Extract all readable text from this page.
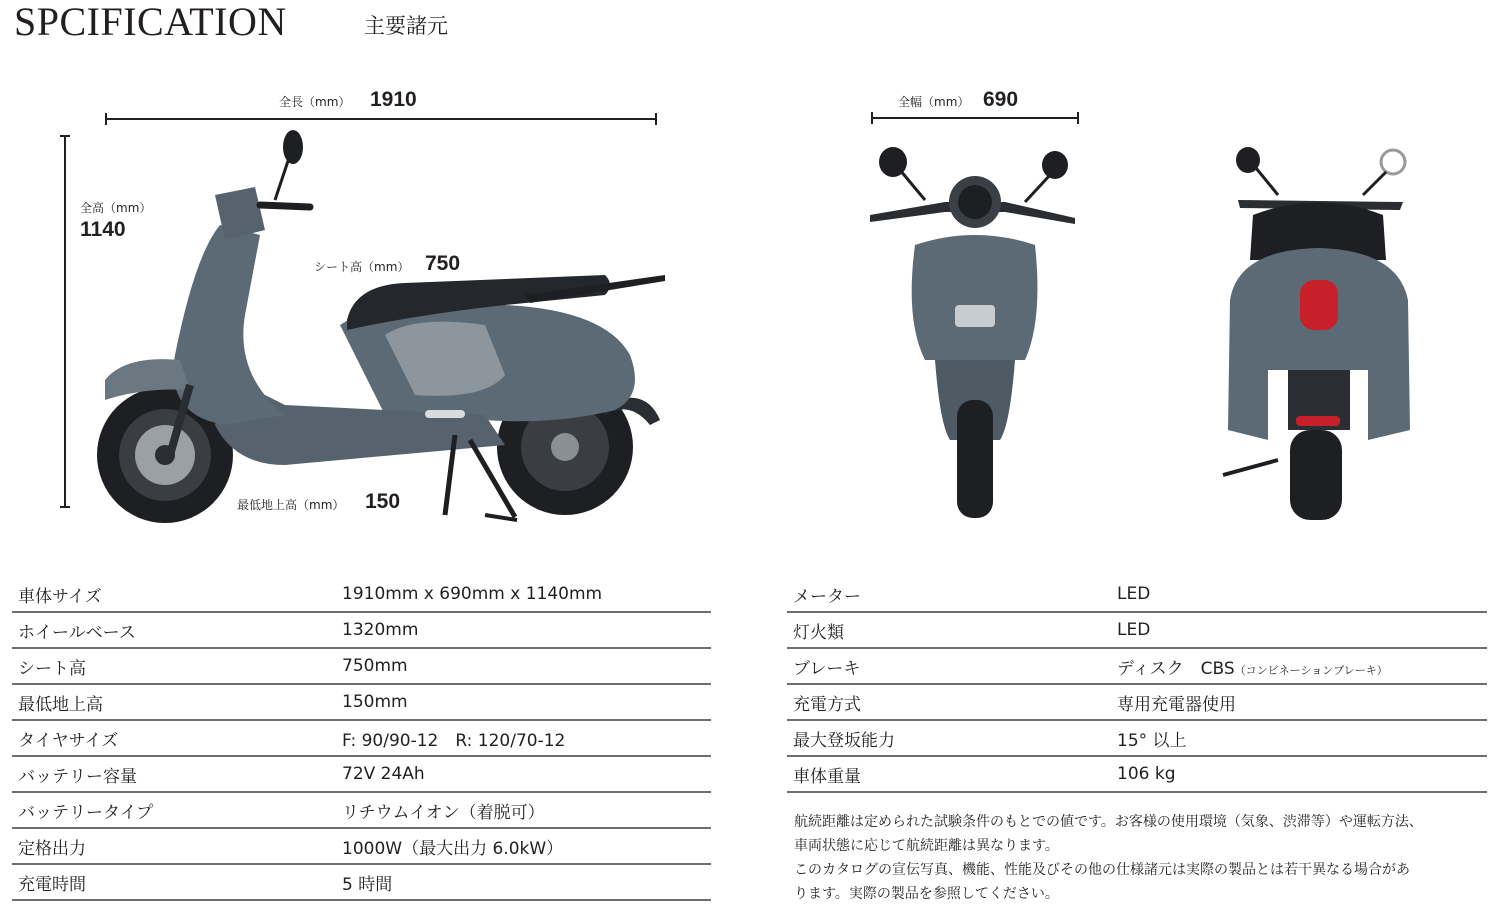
SPCIFICATION	主要諸元
全長（mm） 1910
全高（mm）
1140
シート高（mm） 750
最低地上高（mm） 150
全幅（mm） 690
車体サイズ	1910mm x 690mm x 1140mm
ホイールベース	1320mm
シート高	750mm
最低地上高	150mm
タイヤサイズ	F: 90/90-12　R: 120/70-12
バッテリー容量	72V 24Ah
バッテリータイプ	リチウムイオン（着脱可）
定格出力	1000W（最大出力 6.0kW）
充電時間	5 時間
メーター	LED
灯火類	LED
ブレーキ	ディスク　CBS（コンビネーションブレーキ）
充電方式	専用充電器使用
最大登坂能力	15° 以上
車体重量	106 kg
航続距離は定められた試験条件のもとでの値です。お客様の使用環境（気象、渋滞等）や運転方法、
車両状態に応じて航続距離は異なります。
このカタログの宣伝写真、機能、性能及びその他の仕様諸元は実際の製品とは若干異なる場合があ
ります。実際の製品を参照してください。
